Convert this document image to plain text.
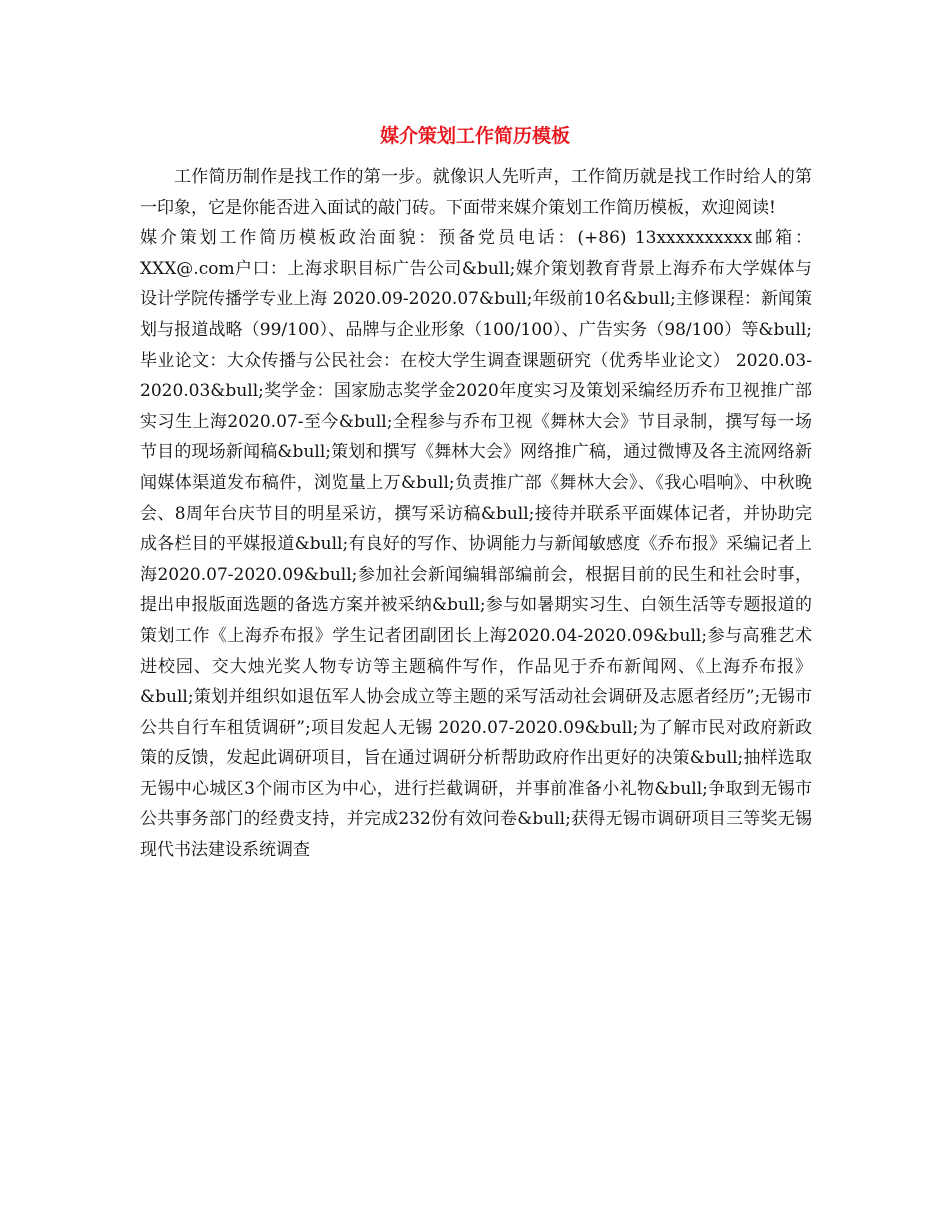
媒介策划工作简历模板

工作简历制作是找工作的第一步。就像识人先听声，工作简历就是找工作时给人的第一印象，它是你能否进入面试的敲门砖。下面带来媒介策划工作简历模板，欢迎阅读!

媒介策划工作简历模板政治面貌：预备党员电话：(+86) 13xxxxxxxxxx邮箱：XXX@.com户口：上海求职目标广告公司&bull;媒介策划教育背景上海乔布大学媒体与设计学院传播学专业上海 2020.09-2020.07&bull;年级前10名&bull;主修课程：新闻策划与报道战略（99/100）、品牌与企业形象（100/100）、广告实务（98/100）等&bull;毕业论文：大众传播与公民社会：在校大学生调查课题研究（优秀毕业论文） 2020.03-2020.03&bull;奖学金：国家励志奖学金2020年度实习及策划采编经历乔布卫视推广部实习生上海2020.07-至今&bull;全程参与乔布卫视《舞林大会》节目录制，撰写每一场节目的现场新闻稿&bull;策划和撰写《舞林大会》网络推广稿，通过微博及各主流网络新闻媒体渠道发布稿件，浏览量上万&bull;负责推广部《舞林大会》、《我心唱响》、中秋晚会、8周年台庆节目的明星采访，撰写采访稿&bull;接待并联系平面媒体记者，并协助完成各栏目的平媒报道&bull;有良好的写作、协调能力与新闻敏感度《乔布报》采编记者上海2020.07-2020.09&bull;参加社会新闻编辑部编前会，根据目前的民生和社会时事，提出申报版面选题的备选方案并被采纳&bull;参与如暑期实习生、白领生活等专题报道的策划工作《上海乔布报》学生记者团副团长上海2020.04-2020.09&bull;参与高雅艺术进校园、交大烛光奖人物专访等主题稿件写作，作品见于乔布新闻网、《上海乔布报》&bull;策划并组织如退伍军人协会成立等主题的采写活动社会调研及志愿者经历”;无锡市公共自行车租赁调研”;项目发起人无锡 2020.07-2020.09&bull;为了解市民对政府新政策的反馈，发起此调研项目，旨在通过调研分析帮助政府作出更好的决策&bull;抽样选取无锡中心城区3个闹市区为中心，进行拦截调研，并事前准备小礼物&bull;争取到无锡市公共事务部门的经费支持，并完成232份有效问卷&bull;获得无锡市调研项目三等奖无锡现代书法建设系统调查
